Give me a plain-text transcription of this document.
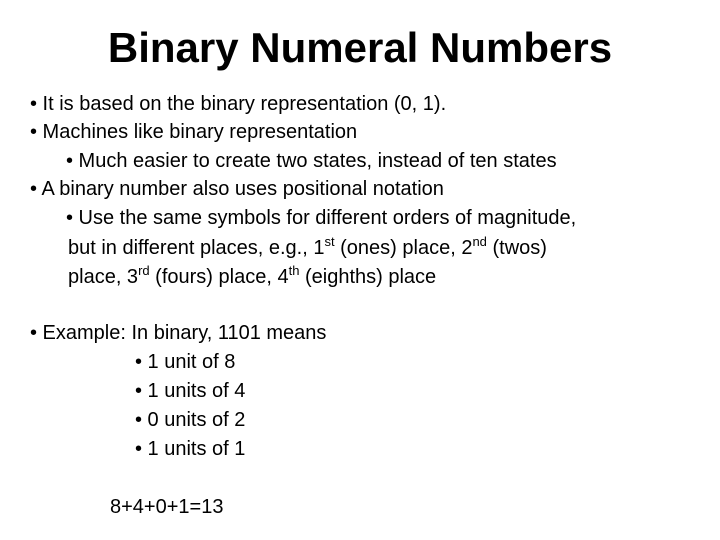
Binary Numeral Numbers
• It is based on the binary representation (0, 1).
• Machines like binary representation
• Much easier to create two states, instead of ten states
• A binary number also uses positional notation
• Use the same symbols for different orders of magnitude,
but in different places, e.g., 1st (ones) place, 2nd (twos)
place, 3rd (fours) place, 4th (eighths) place
• Example: In binary, 1101 means
• 1 unit of 8
• 1 units of 4
• 0 units of 2
• 1 units of 1
8+4+0+1=13
